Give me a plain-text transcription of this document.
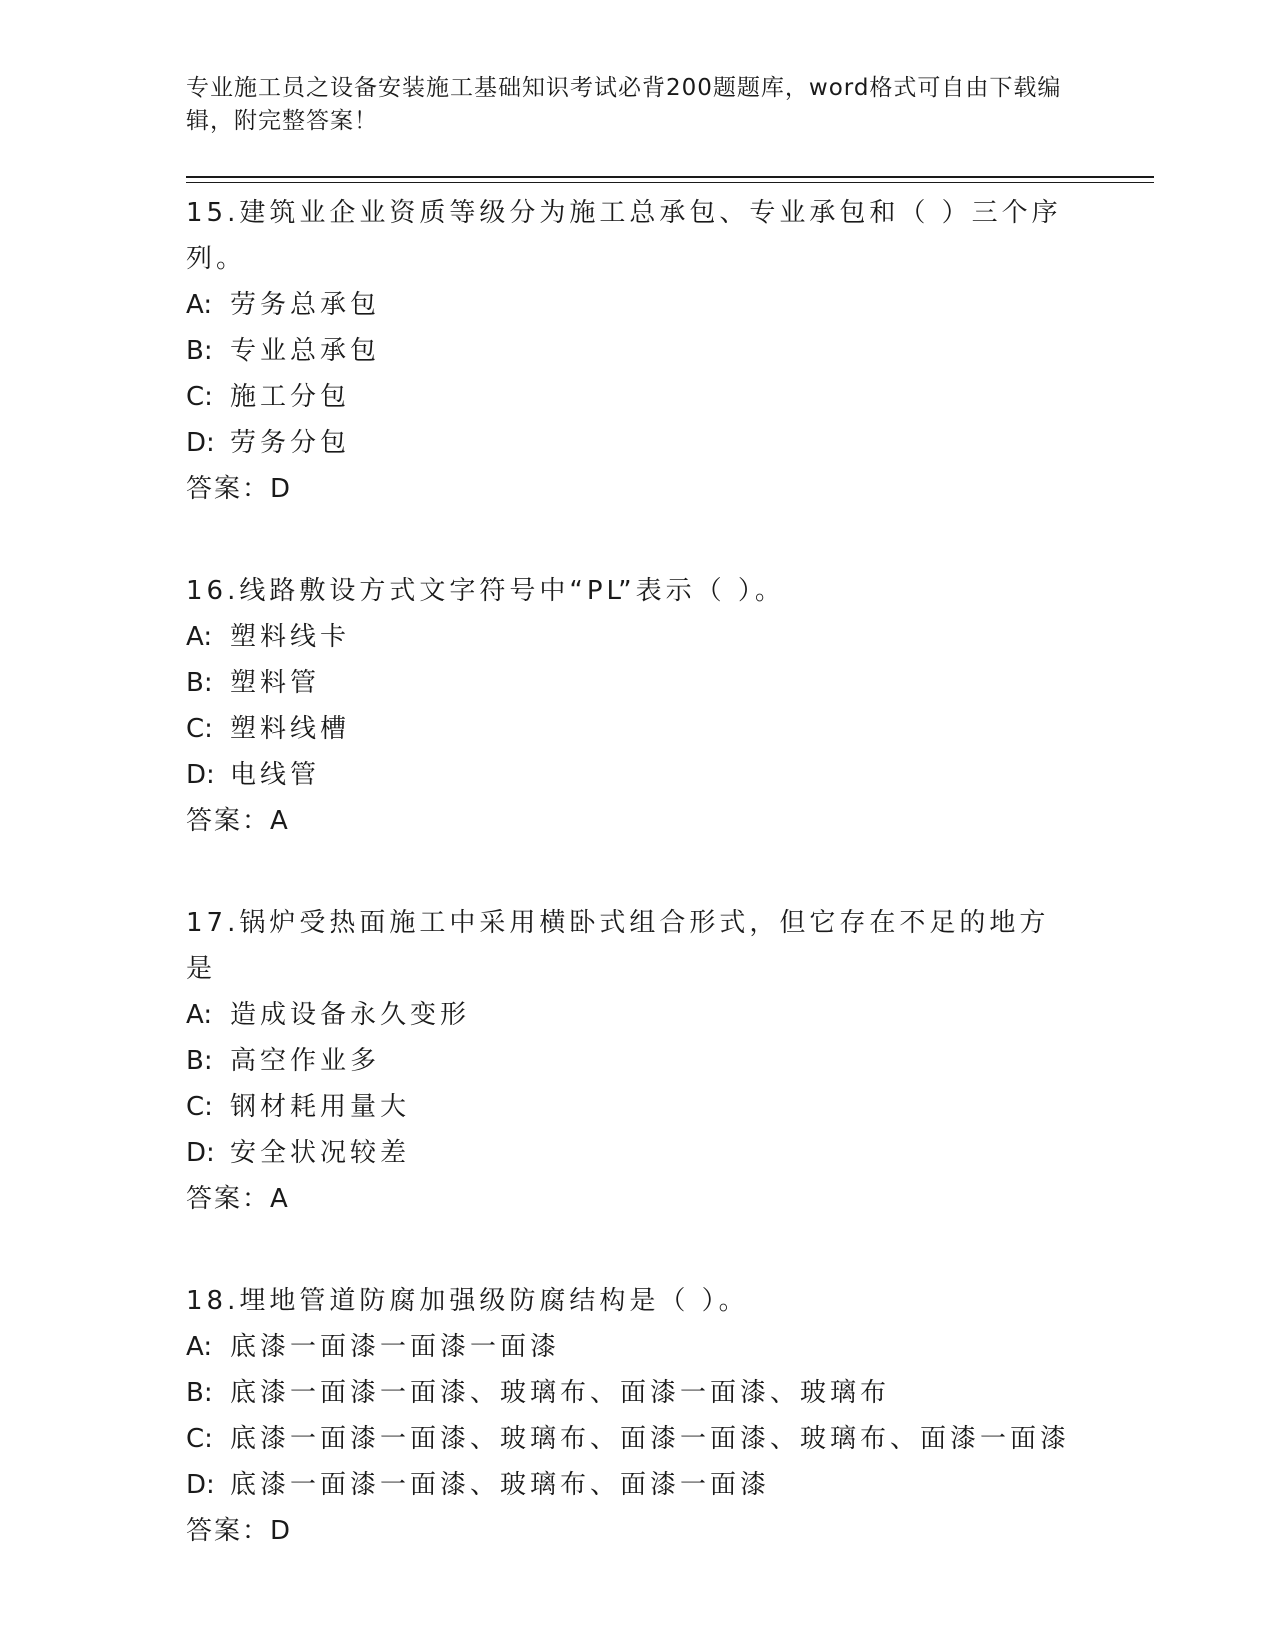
专业施工员之设备安装施工基础知识考试必背200题题库，word格式可自由下载编辑，附完整答案！
15.建筑业企业资质等级分为施工总承包、专业承包和（ ）三个序列。
A: 劳务总承包
B: 专业总承包
C: 施工分包
D: 劳务分包
答案：D
16.线路敷设方式文字符号中“PL”表示（ ）。
A: 塑料线卡
B: 塑料管
C: 塑料线槽
D: 电线管
答案：A
17.锅炉受热面施工中采用横卧式组合形式，但它存在不足的地方是
A: 造成设备永久变形
B: 高空作业多
C: 钢材耗用量大
D: 安全状况较差
答案：A
18.埋地管道防腐加强级防腐结构是（ ）。
A: 底漆一面漆一面漆一面漆
B: 底漆一面漆一面漆、玻璃布、面漆一面漆、玻璃布
C: 底漆一面漆一面漆、玻璃布、面漆一面漆、玻璃布、面漆一面漆
D: 底漆一面漆一面漆、玻璃布、面漆一面漆
答案：D
